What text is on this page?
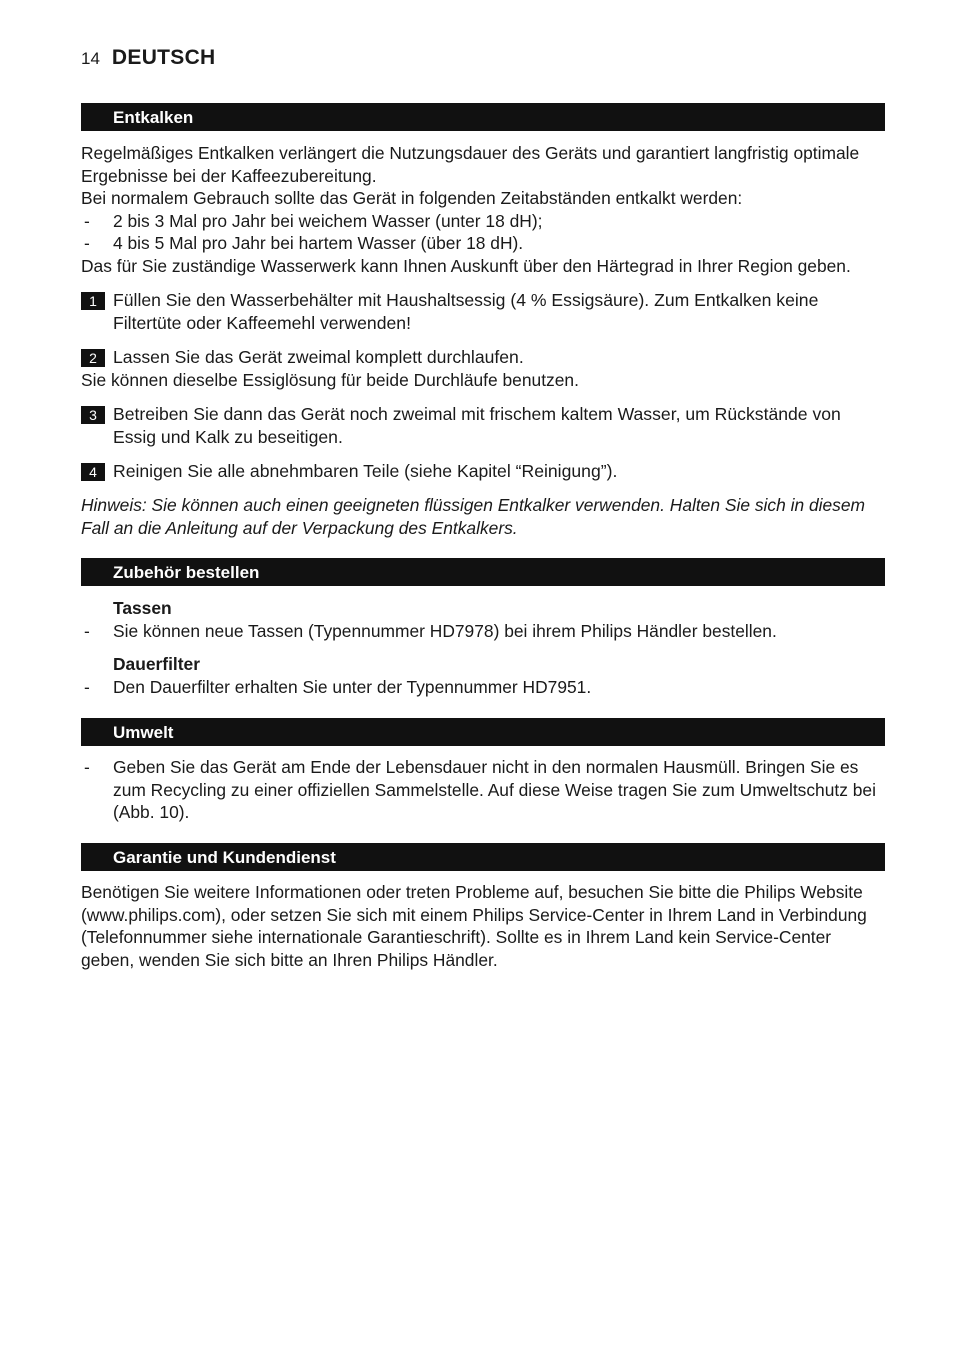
14 DEUTSCH
Entkalken

Regelmäßiges Entkalken verlängert die Nutzungsdauer des Geräts und garantiert langfristig optimale Ergebnisse bei der Kaffeezubereitung.

Bei normalem Gebrauch sollte das Gerät in folgenden Zeitabständen entkalkt werden:

- 2 bis 3 Mal pro Jahr bei weichem Wasser (unter 18 dH);
- 4 bis 5 Mal pro Jahr bei hartem Wasser (über 18 dH).

Das für Sie zuständige Wasserwerk kann Ihnen Auskunft über den Härtegrad in Ihrer Region geben.

1 Füllen Sie den Wasserbehälter mit Haushaltsessig (4 % Essigsäure). Zum Entkalken keine Filtertüte oder Kaffeemehl verwenden!
2 Lassen Sie das Gerät zweimal komplett durchlaufen.

Sie können dieselbe Essiglösung für beide Durchläufe benutzen.

3 Betreiben Sie dann das Gerät noch zweimal mit frischem kaltem Wasser, um Rückstände von Essig und Kalk zu beseitigen.
4 Reinigen Sie alle abnehmbaren Teile (siehe Kapitel “Reinigung”).
Hinweis: Sie können auch einen geeigneten flüssigen Entkalker verwenden. Halten Sie sich in diesem Fall an die Anleitung auf der Verpackung des Entkalkers.
Zubehör bestellen
Tassen
- Sie können neue Tassen (Typennummer HD7978) bei ihrem Philips Händler bestellen.
Dauerfilter
- Den Dauerfilter erhalten Sie unter der Typennummer HD7951.
Umwelt
- Geben Sie das Gerät am Ende der Lebensdauer nicht in den normalen Hausmüll. Bringen Sie es zum Recycling zu einer offiziellen Sammelstelle. Auf diese Weise tragen Sie zum Umweltschutz bei (Abb. 10).
Garantie und Kundendienst
Benötigen Sie weitere Informationen oder treten Probleme auf, besuchen Sie bitte die Philips Website (www.philips.com), oder setzen Sie sich mit einem Philips Service-Center in Ihrem Land in Verbindung (Telefonnummer siehe internationale Garantieschrift). Sollte es in Ihrem Land kein Service-Center geben, wenden Sie sich bitte an Ihren Philips Händler.
